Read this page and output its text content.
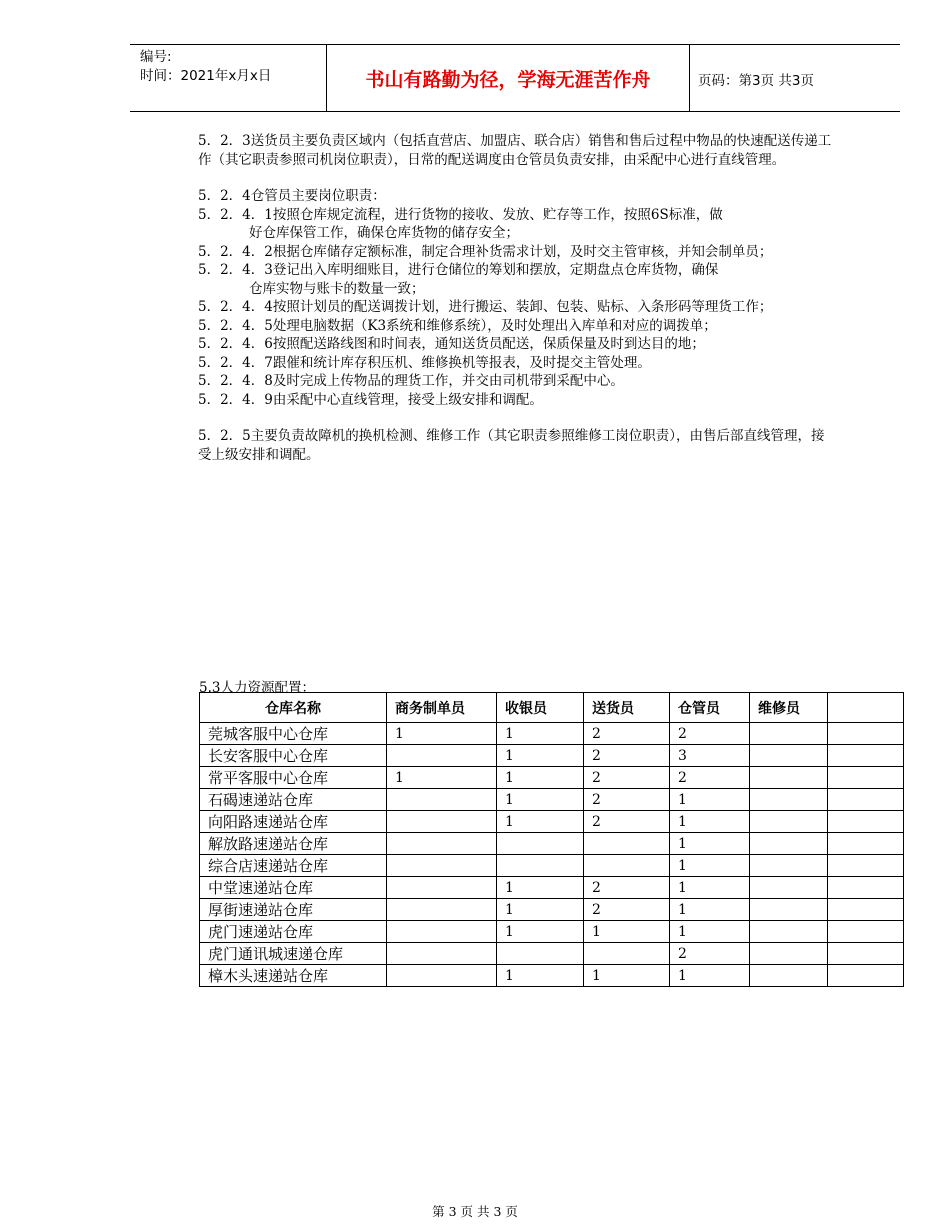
编号:
时间：2021年x月x日	书山有路勤为径，学海无涯苦作舟	页码：第3页 共3页

5．2．3送货员主要负责区域内（包括直营店、加盟店、联合店）销售和售后过程中物品的快速配送传递工作（其它职责参照司机岗位职责），日常的配送调度由仓管员负责安排，由采配中心进行直线管理。

5．2．4仓管员主要岗位职责：

5．2．4．1按照仓库规定流程，进行货物的接收、发放、贮存等工作，按照6S标准，做

好仓库保管工作，确保仓库货物的储存安全；

5．2．4．2根据仓库储存定额标准，制定合理补货需求计划，及时交主管审核，并知会制单员；

5．2．4．3登记出入库明细账目，进行仓储位的筹划和摆放，定期盘点仓库货物，确保

仓库实物与账卡的数量一致；

5．2．4．4按照计划员的配送调拨计划，进行搬运、装卸、包装、贴标、入条形码等理货工作；

5．2．4．5处理电脑数据（K3系统和维修系统），及时处理出入库单和对应的调拨单；

5．2．4．6按照配送路线图和时间表，通知送货员配送，保质保量及时到达目的地；

5．2．4．7跟催和统计库存积压机、维修换机等报表，及时提交主管处理。

5．2．4．8及时完成上传物品的理货工作，并交由司机带到采配中心。

5．2．4．9由采配中心直线管理，接受上级安排和调配。

5．2．5主要负责故障机的换机检测、维修工作（其它职责参照维修工岗位职责），由售后部直线管理，接受上级安排和调配。

5.3人力资源配置：
仓库名称	商务制单员	收银员	送货员	仓管员	维修员	
莞城客服中心仓库	1	1	2	2		
长安客服中心仓库		1	2	3		
常平客服中心仓库	1	1	2	2		
石碣速递站仓库		1	2	1		
向阳路速递站仓库		1	2	1		
解放路速递站仓库				1		
综合店速递站仓库				1		
中堂速递站仓库		1	2	1		
厚街速递站仓库		1	2	1		
虎门速递站仓库		1	1	1		
虎门通讯城速递仓库				2		
樟木头速递站仓库		1	1	1		
第 3 页 共 3 页
